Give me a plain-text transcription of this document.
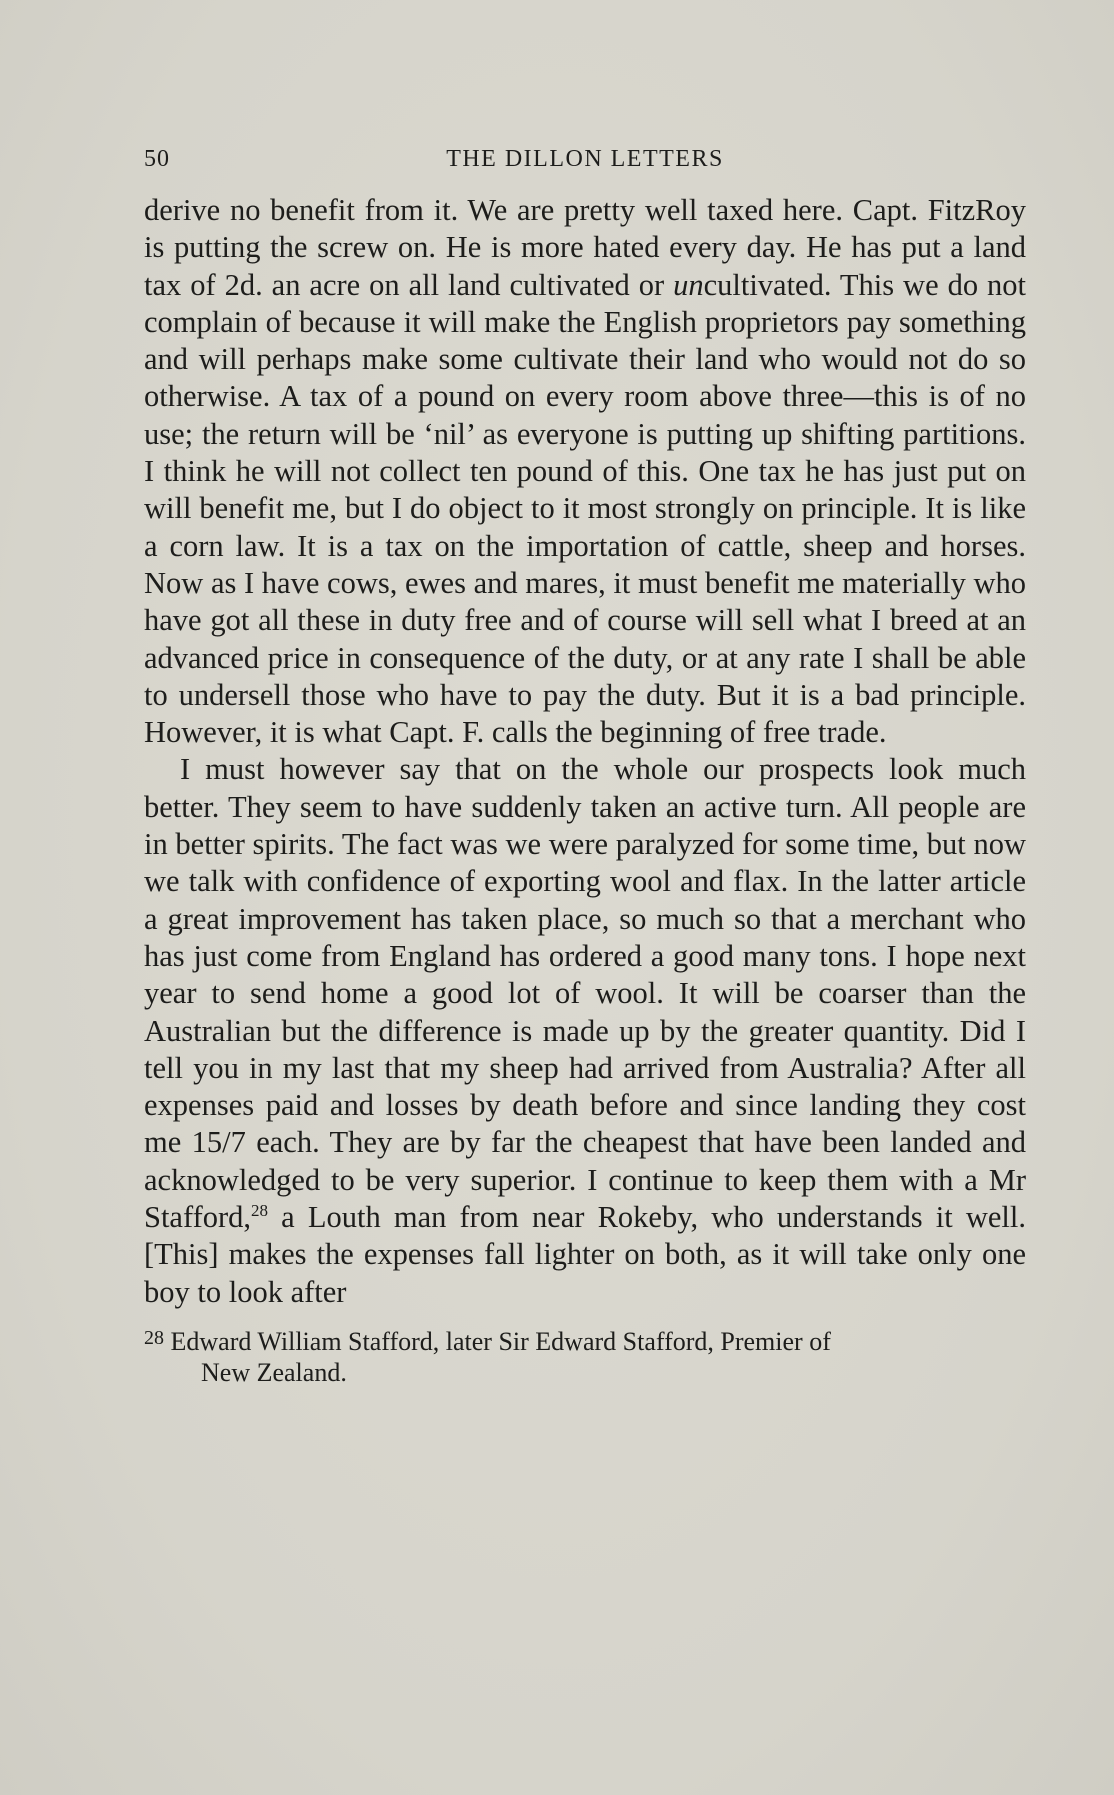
50	THE DILLON LETTERS

derive no benefit from it. We are pretty well taxed here. Capt. FitzRoy is putting the screw on. He is more hated every day. He has put a land tax of 2d. an acre on all land cultivated or uncultivated. This we do not complain of because it will make the English proprietors pay something and will perhaps make some cultivate their land who would not do so otherwise. A tax of a pound on every room above three—this is of no use; the return will be ‘nil’ as everyone is putting up shifting partitions. I think he will not collect ten pound of this. One tax he has just put on will benefit me, but I do object to it most strongly on principle. It is like a corn law. It is a tax on the importation of cattle, sheep and horses. Now as I have cows, ewes and mares, it must benefit me materially who have got all these in duty free and of course will sell what I breed at an advanced price in consequence of the duty, or at any rate I shall be able to undersell those who have to pay the duty. But it is a bad principle. However, it is what Capt. F. calls the beginning of free trade.

I must however say that on the whole our prospects look much better. They seem to have suddenly taken an active turn. All people are in better spirits. The fact was we were paralyzed for some time, but now we talk with confidence of exporting wool and flax. In the latter article a great improvement has taken place, so much so that a merchant who has just come from England has ordered a good many tons. I hope next year to send home a good lot of wool. It will be coarser than the Australian but the difference is made up by the greater quantity. Did I tell you in my last that my sheep had arrived from Australia? After all expenses paid and losses by death before and since landing they cost me 15/7 each. They are by far the cheapest that have been landed and acknowledged to be very superior. I continue to keep them with a Mr Stafford,$^{28}$ a Louth man from near Rokeby, who understands it well. [This] makes the expenses fall lighter on both, as it will take only one boy to look after

$^{28}$ Edward William Stafford, later Sir Edward Stafford, Premier of
New Zealand.
